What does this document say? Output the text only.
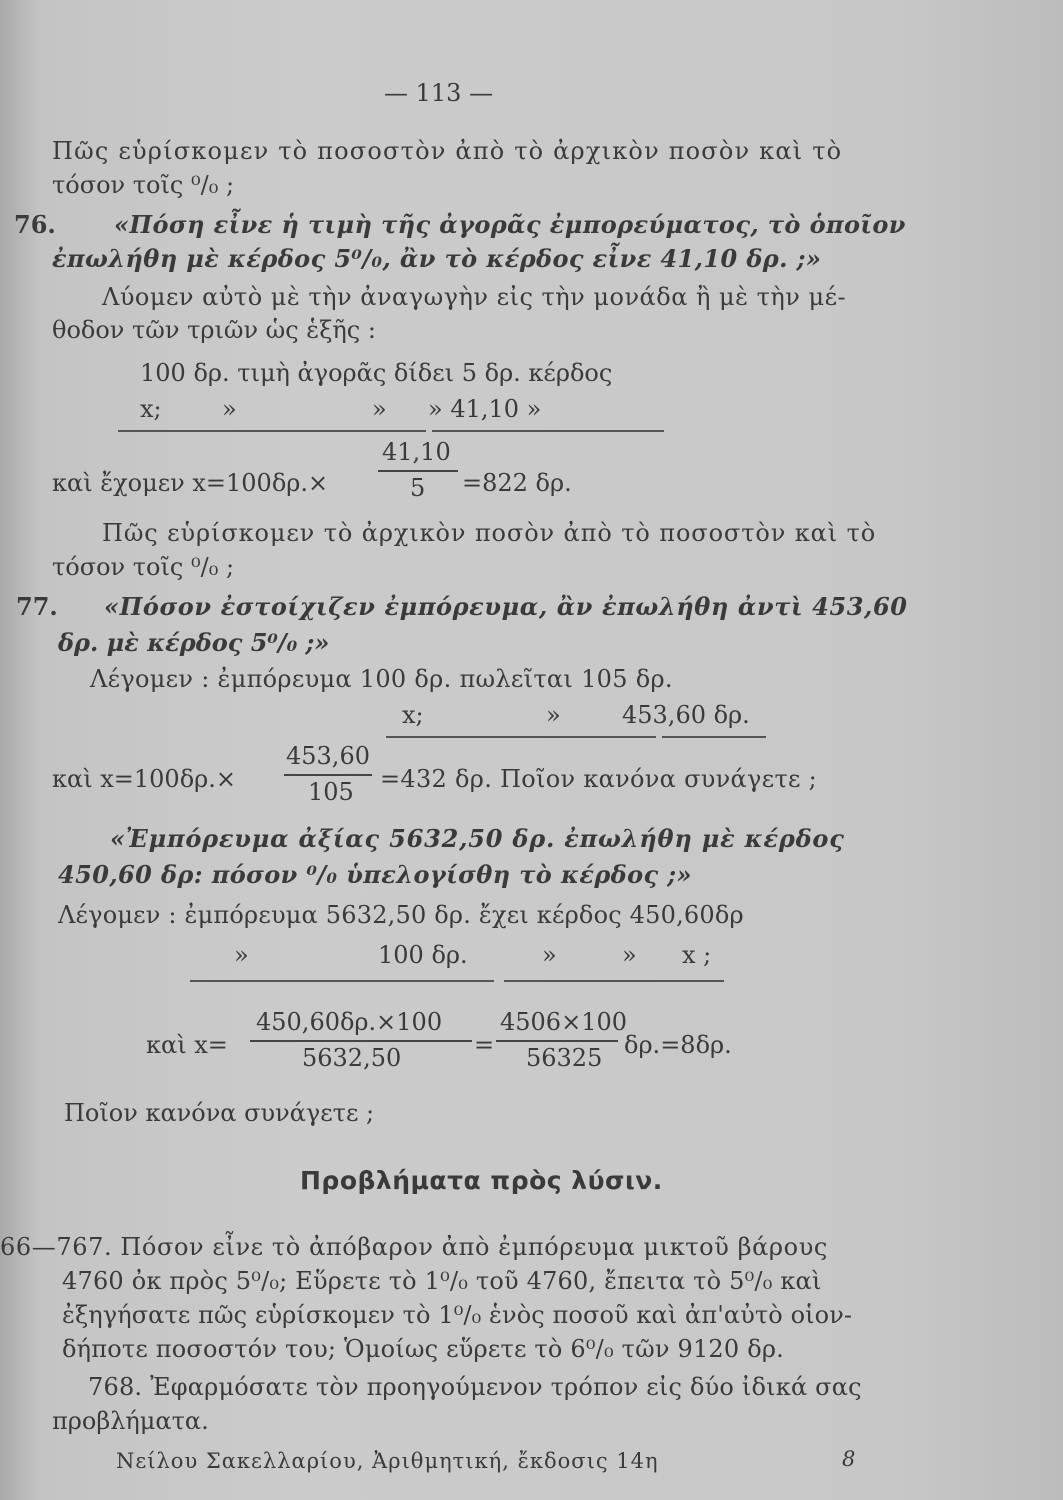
— 113 —
Πῶς εὑρίσκομεν τὸ ποσοστὸν ἀπὸ τὸ ἀρχικὸν ποσὸν καὶ τὸ
τόσον τοῖς ⁰/₀ ;
76. «Πόση εἶνε ἡ τιμὴ τῆς ἀγορᾶς ἐμπορεύματος, τὸ ὁποῖον
ἐπωλήθη μὲ κέρδος 5⁰/₀, ἂν τὸ κέρδος εἶνε 41,10 δρ. ;»
Λύομεν αὐτὸ μὲ τὴν ἀναγωγὴν εἰς τὴν μονάδα ἢ μὲ τὴν μέ-
θοδον τῶν τριῶν ὡς ἑξῆς :
100 δρ. τιμὴ ἀγορᾶς δίδει 5 δρ. κέρδος
x;	»	» » 41,10 »
καὶ ἔχομεν x=100δρ.×
41,10
5 =822 δρ.
Πῶς εὑρίσκομεν τὸ ἀρχικὸν ποσὸν ἀπὸ τὸ ποσοστὸν καὶ τὸ
τόσον τοῖς ⁰/₀ ;
77. «Πόσον ἐστοίχιζεν ἐμπόρευμα, ἂν ἐπωλήθη ἀντὶ 453,60
δρ. μὲ κέρδος 5⁰/₀ ;»
Λέγομεν : ἐμπόρευμα 100 δρ. πωλεῖται 105 δρ.
x;	»	453,60 δρ.
καὶ x=100δρ.×
453,60
105 =432 δρ. Ποῖον κανόνα συνάγετε ;
«Ἐμπόρευμα ἀξίας 5632,50 δρ. ἐπωλήθη μὲ κέρδος
450,60 δρ: πόσον ⁰/₀ ὑπελογίσθη τὸ κέρδος ;»
Λέγομεν : ἐμπόρευμα 5632,50 δρ. ἔχει κέρδος 450,60δρ
»	100 δρ.	»	» x ;
καὶ x=
450,60δρ.×100
5632,50	=
4506×100
56325 δρ.=8δρ.
Ποῖον κανόνα συνάγετε ;
Προβλήματα πρὸς λύσιν.
66—767. Πόσον εἶνε τὸ ἀπόβαρον ἀπὸ ἐμπόρευμα μικτοῦ βάρους
4760 ὀκ πρὸς 5⁰/₀; Εὕρετε τὸ 1⁰/₀ τοῦ 4760, ἔπειτα τὸ 5⁰/₀ καὶ
ἐξηγήσατε πῶς εὑρίσκομεν τὸ 1⁰/₀ ἑνὸς ποσοῦ καὶ ἀπ'αὐτὸ οἱον-
δήποτε ποσοστόν του; Ὁμοίως εὕρετε τὸ 6⁰/₀ τῶν 9120 δρ.
768. Ἐφαρμόσατε τὸν προηγούμενον τρόπον εἰς δύο ἰδικά σας
προβλήματα.
Νείλου Σακελλαρίου, Ἀριθμητική, ἔκδοσις 14η	8
